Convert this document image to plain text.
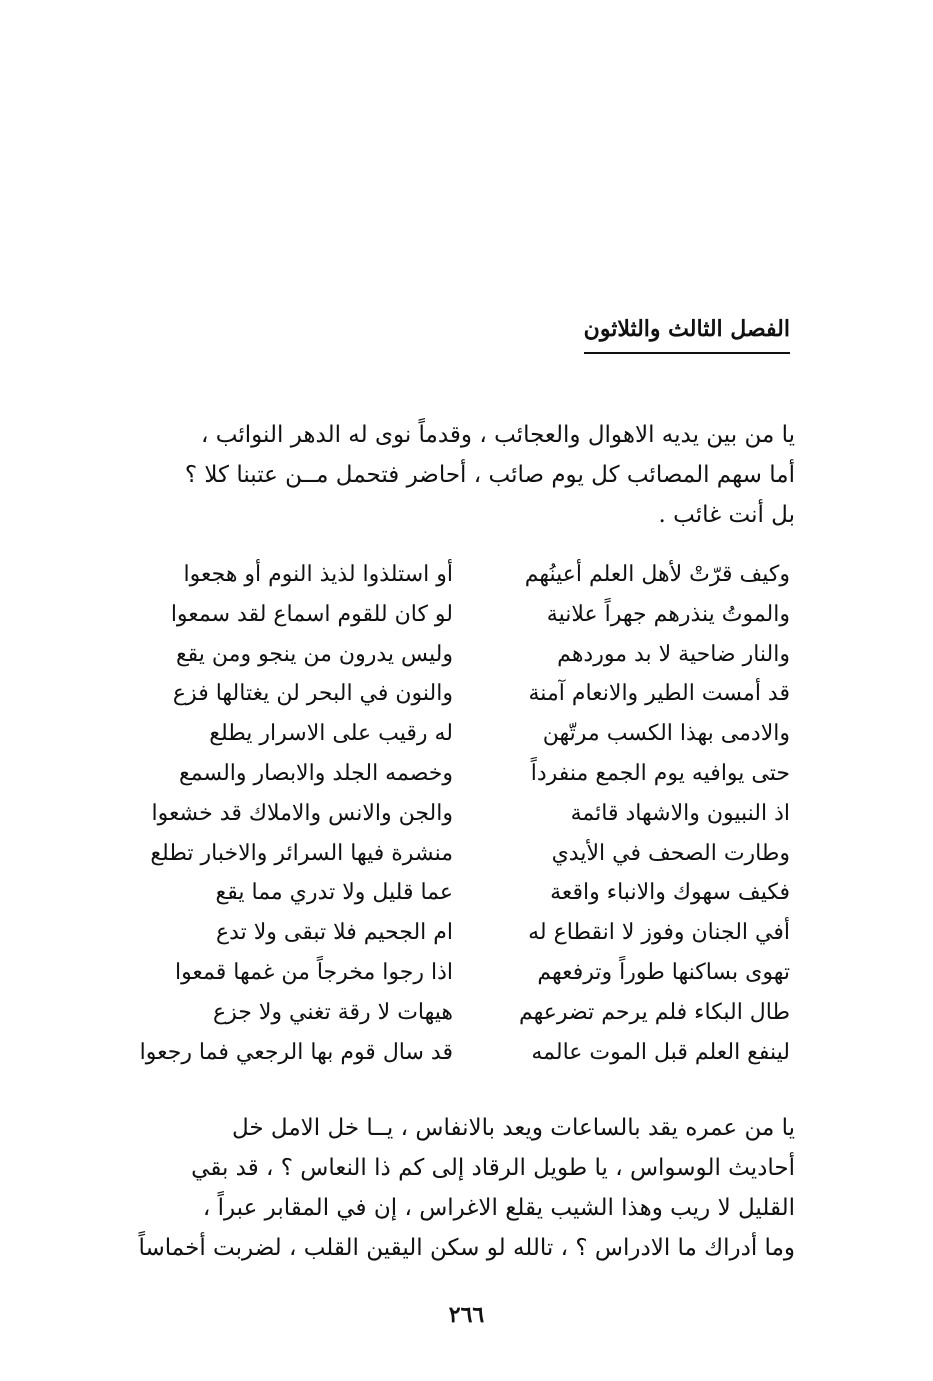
الفصل الثالث والثلاثون

يا من بين يديه الاهوال والعجائب ، وقدماً نوى له الدهر النوائب ،

أما سهم المصائب كل يوم صائب ، أحاضر فتحمل مــن عتبنا كلا ؟

بل أنت غائب .

وكيف قرّتْ لأهل العلم أعينُهم
أو استلذوا لذيذ النوم أو هجعوا
والموتُ ينذرهم جهراً علانية
لو كان للقوم اسماع لقد سمعوا
والنار ضاحية لا بد موردهم
وليس يدرون من ينجو ومن يقع
قد أمست الطير والانعام آمنة
والنون في البحر لن يغتالها فزع
والادمى بهذا الكسب مرتّهن
له رقيب على الاسرار يطلع
حتى يوافيه يوم الجمع منفرداً
وخصمه الجلد والابصار والسمع
اذ النبيون والاشهاد قائمة
والجن والانس والاملاك قد خشعوا
وطارت الصحف في الأيدي
منشرة فيها السرائر والاخبار تطلع
فكيف سهوك والانباء واقعة
عما قليل ولا تدري مما يقع
أفي الجنان وفوز لا انقطاع له
ام الجحيم فلا تبقى ولا تدع
تهوى بساكنها طوراً وترفعهم
اذا رجوا مخرجاً من غمها قمعوا
طال البكاء فلم يرحم تضرعهم
هيهات لا رقة تغني ولا جزع
لينفع العلم قبل الموت عالمه
قد سال قوم بها الرجعي فما رجعوا

يا من عمره يقد بالساعات ويعد بالانفاس ، يــا خل الامل خل

أحاديث الوسواس ، يا طويل الرقاد إلى كم ذا النعاس ؟ ، قد بقي

القليل لا ريب وهذا الشيب يقلع الاغراس ، إن في المقابر عبراً ،

وما أدراك ما الادراس ؟ ، تالله لو سكن اليقين القلب ، لضربت أخماساً

٢٦٦
